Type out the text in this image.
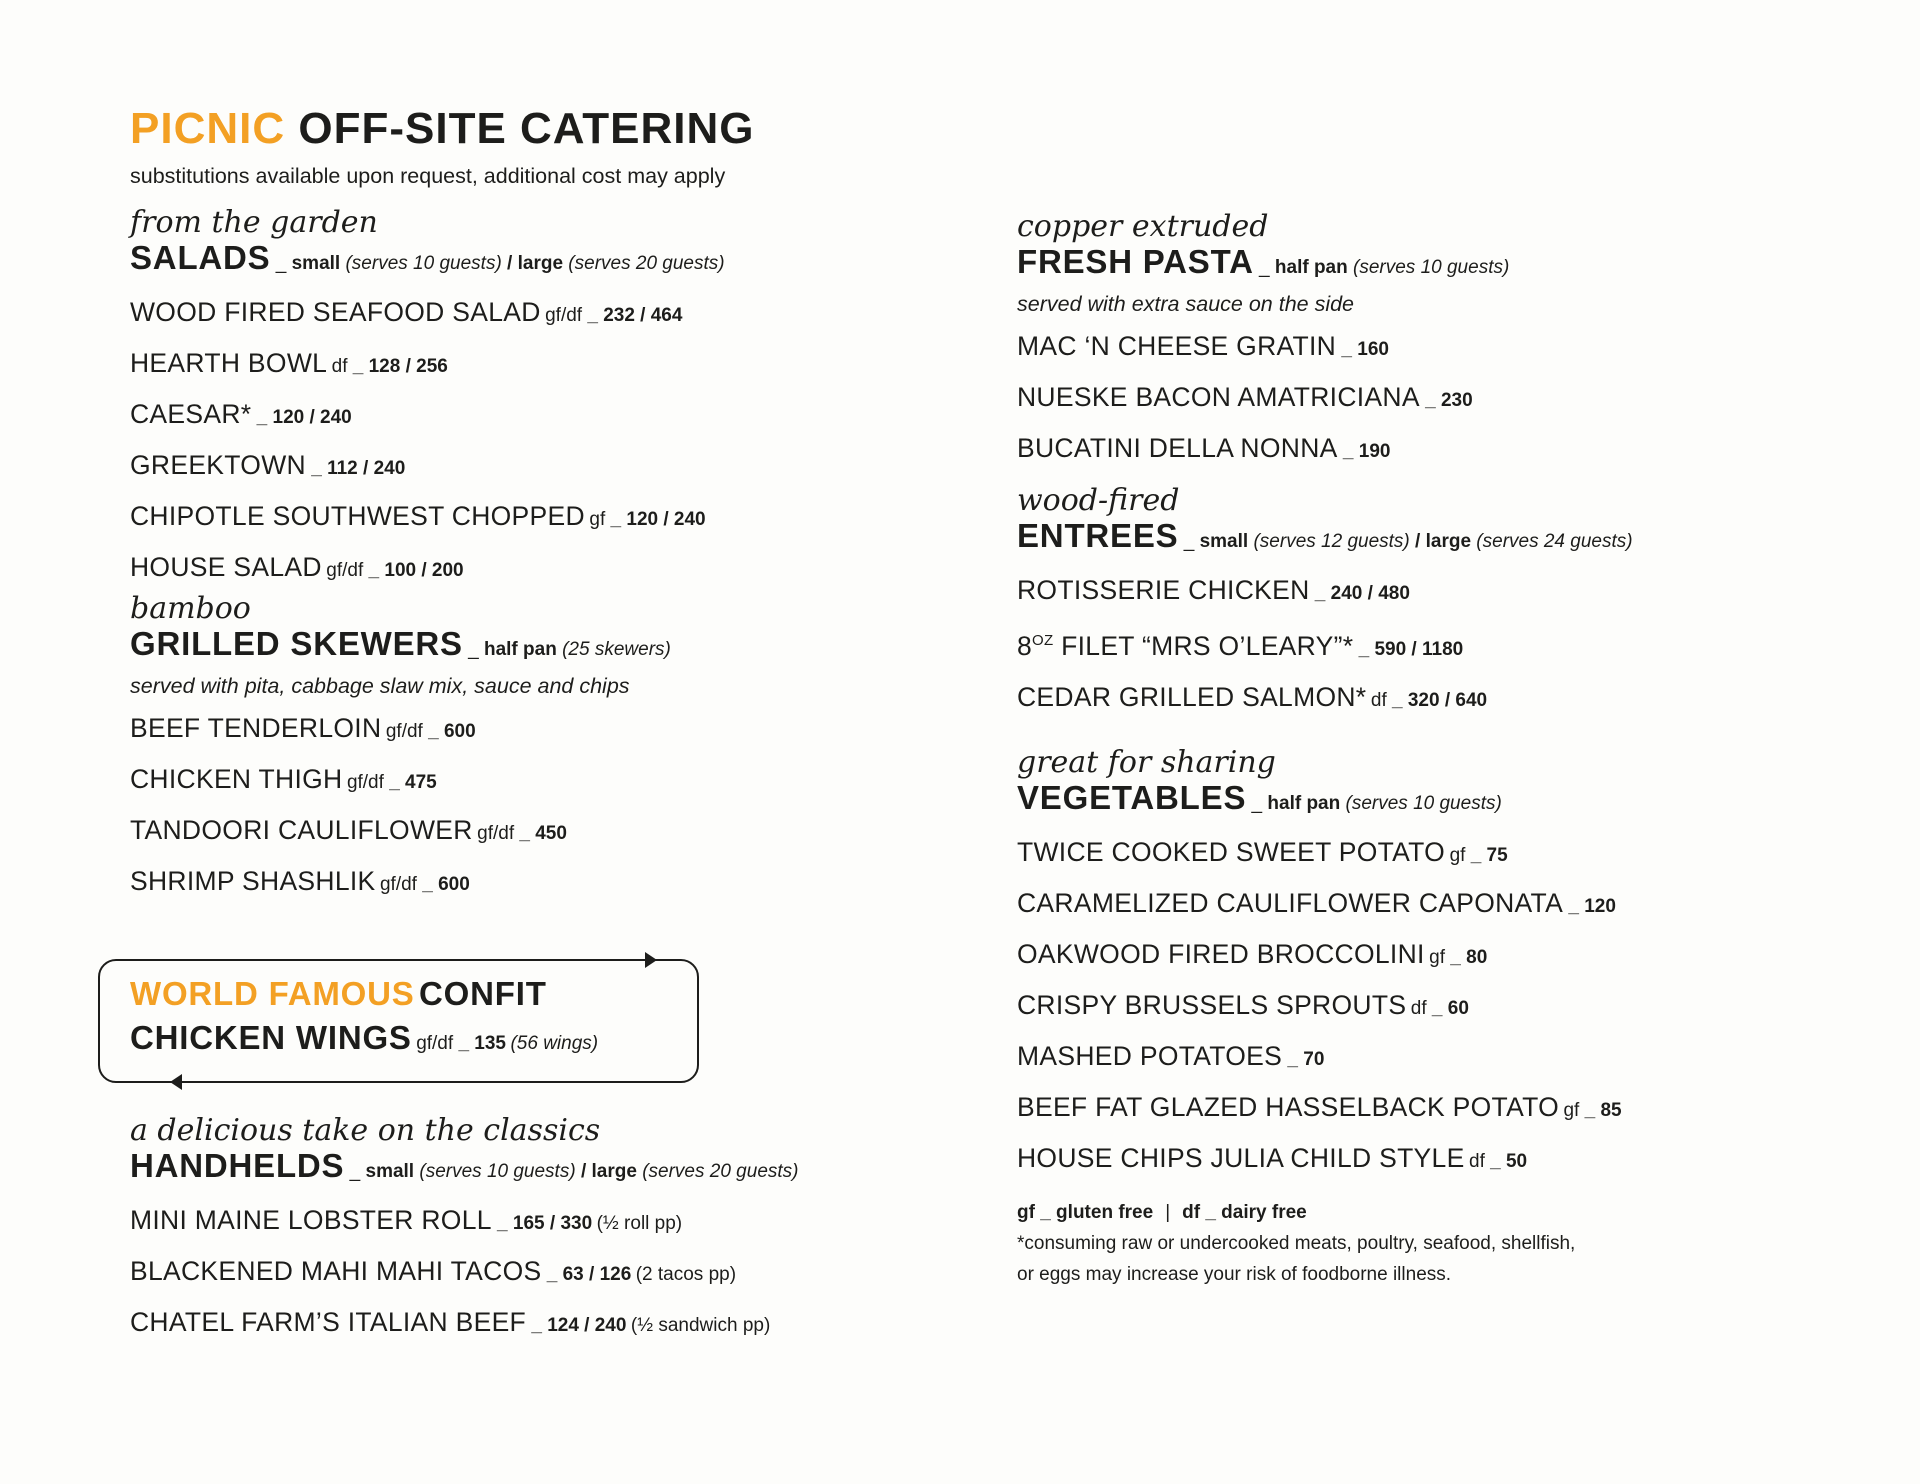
PICNIC OFF-SITE CATERING
substitutions available upon request, additional cost may apply
from the garden
SALADS _ small (serves 10 guests) / large (serves 20 guests)
WOOD FIRED SEAFOOD SALAD gf/df _ 232 / 464
HEARTH BOWL df _ 128 / 256
CAESAR* _ 120 / 240
GREEKTOWN _ 112 / 240
CHIPOTLE SOUTHWEST CHOPPED gf _ 120 / 240
HOUSE SALAD gf/df _ 100 / 200
bamboo
GRILLED SKEWERS _ half pan (25 skewers)
served with pita, cabbage slaw mix, sauce and chips
BEEF TENDERLOIN gf/df _ 600
CHICKEN THIGH gf/df _ 475
TANDOORI CAULIFLOWER gf/df _ 450
SHRIMP SHASHLIK gf/df _ 600
a delicious take on the classics
HANDHELDS _ small (serves 10 guests) / large (serves 20 guests)
MINI MAINE LOBSTER ROLL _ 165 / 330 (½ roll pp)
BLACKENED MAHI MAHI TACOS _ 63 / 126 (2 tacos pp)
CHATEL FARM’S ITALIAN BEEF _ 124 / 240 (½ sandwich pp)
WORLD FAMOUS CONFIT
CHICKEN WINGS gf/df _ 135 (56 wings)
copper extruded
FRESH PASTA _ half pan (serves 10 guests)
served with extra sauce on the side
MAC ‘N CHEESE GRATIN _ 160
NUESKE BACON AMATRICIANA _ 230
BUCATINI DELLA NONNA _ 190
wood-fired
ENTREES _ small (serves 12 guests) / large (serves 24 guests)
ROTISSERIE CHICKEN _ 240 / 480
8OZ FILET “MRS O’LEARY”* _ 590 / 1180
CEDAR GRILLED SALMON* df _ 320 / 640
great for sharing
VEGETABLES _ half pan (serves 10 guests)
TWICE COOKED SWEET POTATO gf _ 75
CARAMELIZED CAULIFLOWER CAPONATA _ 120
OAKWOOD FIRED BROCCOLINI gf _ 80
CRISPY BRUSSELS SPROUTS df _ 60
MASHED POTATOES _ 70
BEEF FAT GLAZED HASSELBACK POTATO gf _ 85
HOUSE CHIPS JULIA CHILD STYLE df _ 50
gf _ gluten free | df _ dairy free
*consuming raw or undercooked meats, poultry, seafood, shellfish,
or eggs may increase your risk of foodborne illness.
